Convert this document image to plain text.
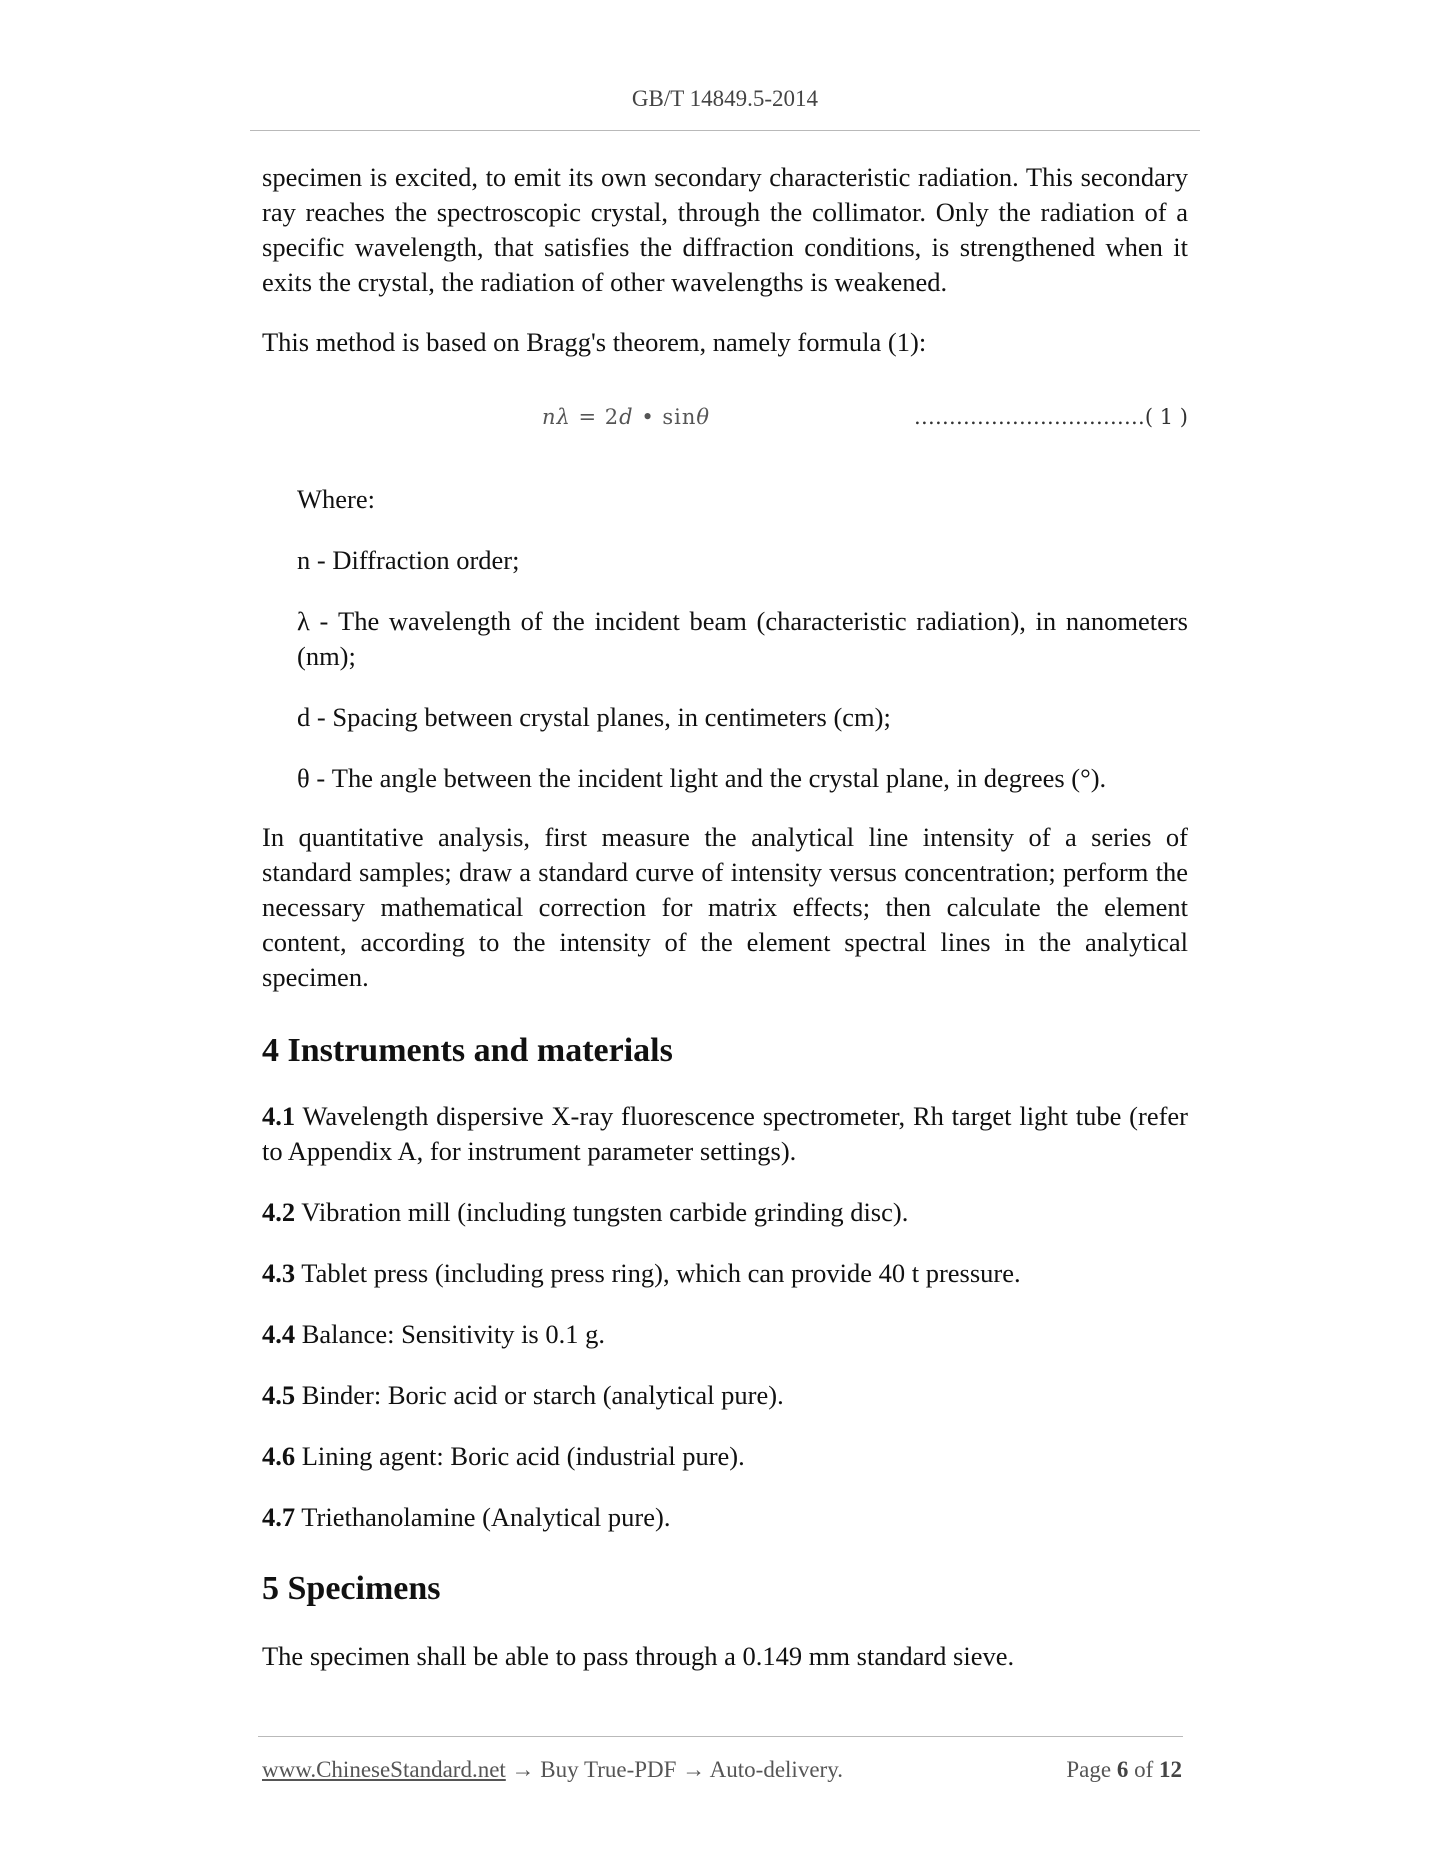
GB/T 14849.5-2014

specimen is excited, to emit its own secondary characteristic radiation. This secondary ray reaches the spectroscopic crystal, through the collimator. Only the radiation of a specific wavelength, that satisfies the diffraction conditions, is strengthened when it exits the crystal, the radiation of other wavelengths is weakened.

This method is based on Bragg's theorem, namely formula (1):

nλ = 2d • sinθ	……………………………( 1 )

Where:

n - Diffraction order;

λ - The wavelength of the incident beam (characteristic radiation), in nanometers (nm);

d - Spacing between crystal planes, in centimeters (cm);

θ - The angle between the incident light and the crystal plane, in degrees (°).

In quantitative analysis, first measure the analytical line intensity of a series of standard samples; draw a standard curve of intensity versus concentration; perform the necessary mathematical correction for matrix effects; then calculate the element content, according to the intensity of the element spectral lines in the analytical specimen.

4 Instruments and materials

4.1 Wavelength dispersive X-ray fluorescence spectrometer, Rh target light tube (refer to Appendix A, for instrument parameter settings).

4.2 Vibration mill (including tungsten carbide grinding disc).

4.3 Tablet press (including press ring), which can provide 40 t pressure.

4.4 Balance: Sensitivity is 0.1 g.

4.5 Binder: Boric acid or starch (analytical pure).

4.6 Lining agent: Boric acid (industrial pure).

4.7 Triethanolamine (Analytical pure).

5 Specimens

The specimen shall be able to pass through a 0.149 mm standard sieve.

www.ChineseStandard.net → Buy True-PDF → Auto-delivery.	Page 6 of 12
